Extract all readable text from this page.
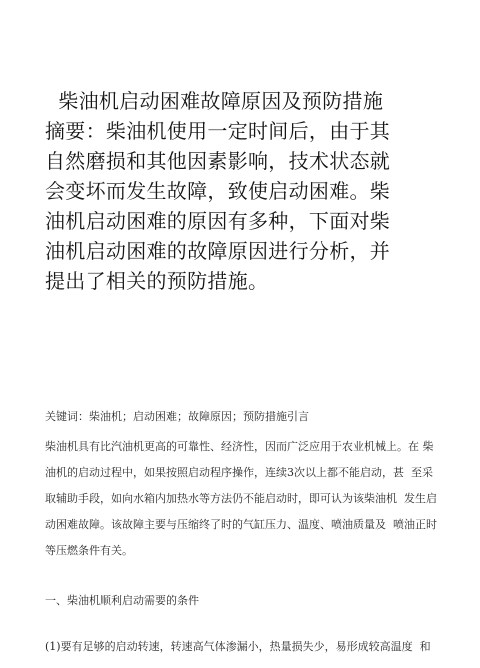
柴油机启动困难故障原因及预防措施
摘要：柴油机使用一定时间后，由于其
自然磨损和其他因素影响，技术状态就
会变坏而发生故障，致使启动困难。柴
油机启动困难的原因有多种，下面对柴
油机启动困难的故障原因进行分析，并
提出了相关的预防措施。
关键词：柴油机；启动困难；故障原因；预防措施引言
柴油机具有比汽油机更高的可靠性、经济性，因而广泛应用于农业机械上。在 柴
油机的启动过程中，如果按照启动程序操作，连续3次以上都不能启动，甚  至采
取辅助手段，如向水箱内加热水等方法仍不能启动时，即可认为该柴油机  发生启
动困难故障。该故障主要与压缩终了时的气缸压力、温度、喷油质量及  喷油正时
等压燃条件有关。
一、柴油机顺利启动需要的条件
(1)要有足够的启动转速，转速高气体渗漏小，热量损失少，易形成较高温度  和
